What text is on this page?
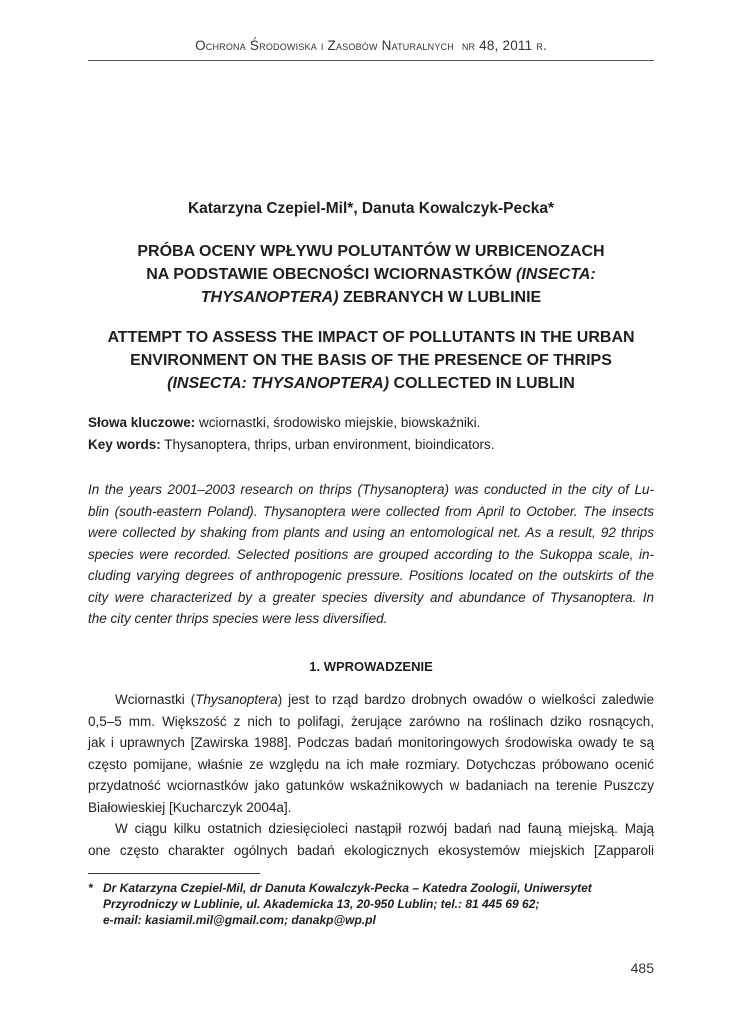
Ochrona Środowiska i Zasobów Naturalnych nr 48, 2011 r.
Katarzyna Czepiel-Mil*, Danuta Kowalczyk-Pecka*
PRÓBA OCENY WPŁYWU POLUTANTÓW W URBICENOZACH
NA PODSTAWIE OBECNOŚCI WCIORNASTKÓW (INSECTA:
THYSANOPTERA) ZEBRANYCH W LUBLINIE
ATTEMPT TO ASSESS THE IMPACT OF POLLUTANTS IN THE URBAN
ENVIRONMENT ON THE BASIS OF THE PRESENCE OF THRIPS
(INSECTA: THYSANOPTERA) COLLECTED IN LUBLIN
Słowa kluczowe: wciornastki, środowisko miejskie, biowskaźniki.
Key words: Thysanoptera, thrips, urban environment, bioindicators.
In the years 2001–2003 research on thrips (Thysanoptera) was conducted in the city of Lu-
blin (south-eastern Poland). Thysanoptera were collected from April to October. The insects
were collected by shaking from plants and using an entomological net. As a result, 92 thrips
species were recorded. Selected positions are grouped according to the Sukoppa scale, in-
cluding varying degrees of anthropogenic pressure. Positions located on the outskirts of the
city were characterized by a greater species diversity and abundance of Thysanoptera. In
the city center thrips species were less diversified.
1. WPROWADZENIE
Wciornastki (Thysanoptera) jest to rząd bardzo drobnych owadów o wielkości zaledwie
0,5–5 mm. Większość z nich to polifagi, żerujące zarówno na roślinach dziko rosnących,
jak i uprawnych [Zawirska 1988]. Podczas badań monitoringowych środowiska owady te są
często pomijane, właśnie ze względu na ich małe rozmiary. Dotychczas próbowano ocenić
przydatność wciornastków jako gatunków wskaźnikowych w badaniach na terenie Puszczy
Białowieskiej [Kucharczyk 2004a].
W ciągu kilku ostatnich dziesięcioleci nastąpił rozwój badań nad fauną miejską. Mają
one często charakter ogólnych badań ekologicznych ekosystemów miejskich [Zapparoli
* Dr Katarzyna Czepiel-Mil, dr Danuta Kowalczyk-Pecka – Katedra Zoologii, Uniwersytet
Przyrodniczy w Lublinie, ul. Akademicka 13, 20-950 Lublin; tel.: 81 445 69 62;
e-mail: kasiamil.mil@gmail.com; danakp@wp.pl
485
